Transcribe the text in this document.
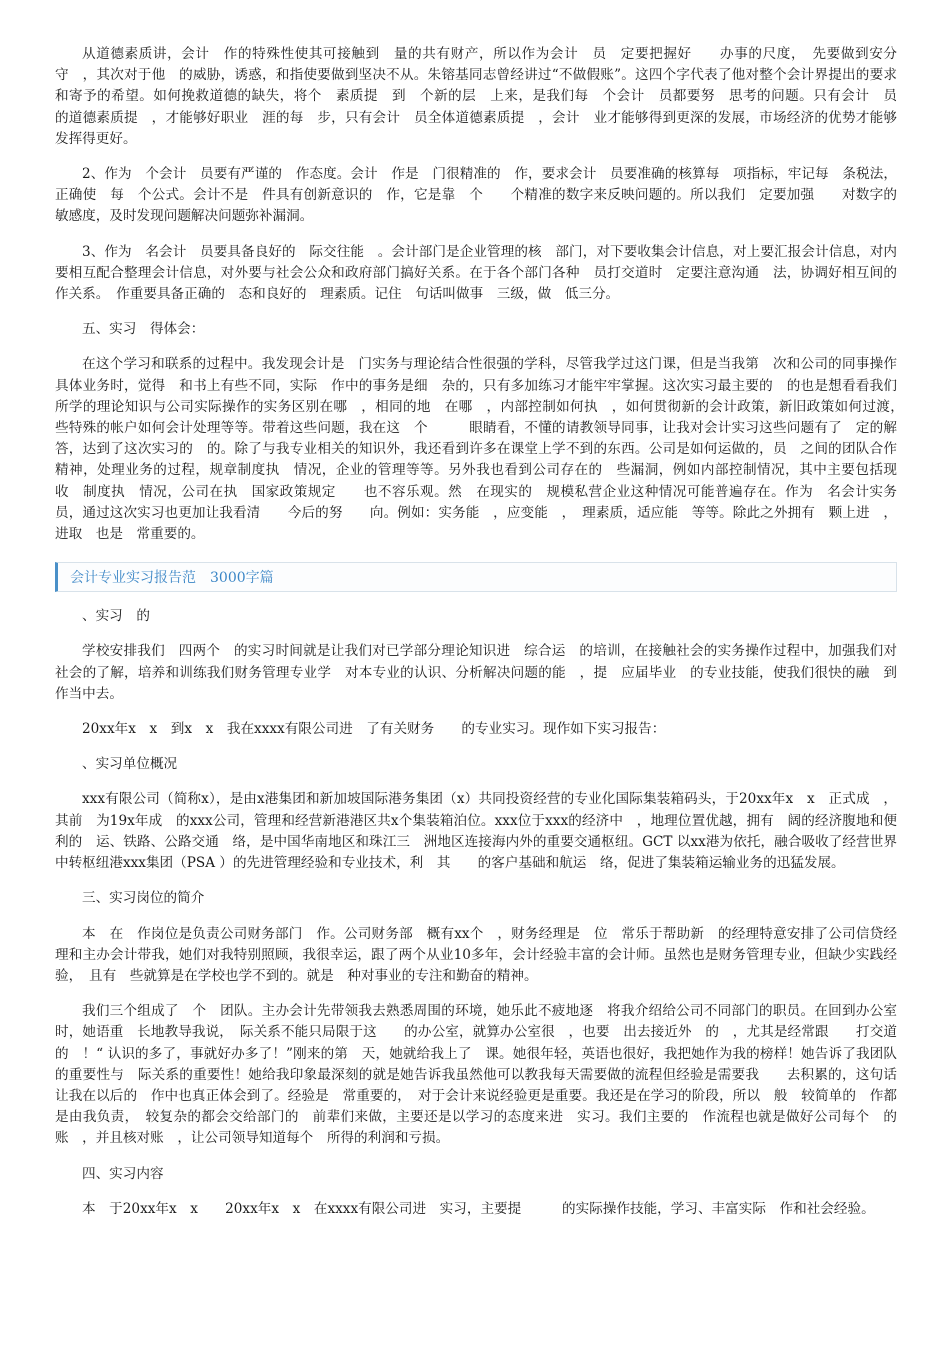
从道德素质讲，会计　作的特殊性使其可接触到　量的共有财产，所以作为会计　员　定要把握好　　办事的尺度，　先要做到安分守　，其次对于他　的威胁，诱惑，和指使要做到坚决不从。朱镕基同志曾经讲过“不做假账”。这四个字代表了他对整个会计界提出的要求和寄予的希望。如何挽救道德的缺失，将个　素质提　到　个新的层　上来，是我们每　个会计　员都要努　思考的问题。只有会计　员　　的道德素质提　，才能够好职业　涯的每　步，只有会计　员全体道德素质提　，会计　业才能够得到更深的发展，市场经济的优势才能够发挥得更好。

2、作为　个会计　员要有严谨的　作态度。会计　作是　门很精准的　作，要求会计　员要准确的核算每　项指标，牢记每　条税法，正确使　每　个公式。会计不是　件具有创新意识的　作，它是靠　个　　个精准的数字来反映问题的。所以我们　定要加强　　对数字的敏感度，及时发现问题解决问题弥补漏洞。

3、作为　名会计　员要具备良好的　际交往能　。会计部门是企业管理的核　部门，对下要收集会计信息，对上要汇报会计信息，对内要相互配合整理会计信息，对外要与社会公众和政府部门搞好关系。在于各个部门各种　员打交道时　定要注意沟通　法，协调好相互间的　作关系。　作重要具备正确的　态和良好的　理素质。记住　句话叫做事　三级，做　低三分。

五、实习　得体会：

在这个学习和联系的过程中。我发现会计是　门实务与理论结合性很强的学科，尽管我学过这门课，但是当我第　次和公司的同事操作具体业务时，觉得　和书上有些不同，实际　作中的事务是细　杂的，只有多加练习才能牢牢掌握。这次实习最主要的　的也是想看看我们所学的理论知识与公司实际操作的实务区别在哪　，相同的地　在哪　，内部控制如何执　，如何贯彻新的会计政策，新旧政策如何过渡，　些特殊的帐户如何会计处理等等。带着这些问题，我在这　个　　　眼睛看，不懂的请教领导同事，让我对会计实习这些问题有了　定的解答，达到了这次实习的　的。除了与我专业相关的知识外，我还看到许多在课堂上学不到的东西。公司是如何运做的，员　之间的团队合作精神，处理业务的过程，规章制度执　情况，企业的管理等等。另外我也看到公司存在的　些漏洞，例如内部控制情况，其中主要包括现　收　制度执　情况，公司在执　国家政策规定　　也不容乐观。然　在现实的　规模私营企业这种情况可能普遍存在。作为　名会计实务　员，通过这次实习也更加让我看清　　今后的努　　向。例如：实务能　，应变能　，　理素质，适应能　等等。除此之外拥有　颗上进　，进取　也是　常重要的。

会计专业实习报告范　3000字篇

、实习　的

学校安排我们　四两个　的实习时间就是让我们对已学部分理论知识进　综合运　的培训，在接触社会的实务操作过程中，加强我们对社会的了解，培养和训练我们财务管理专业学　对本专业的认识、分析解决问题的能　，提　应届毕业　的专业技能，使我们很快的融　到　作当中去。

20xx年x　x　到x　x　我在xxxx有限公司进　了有关财务　　的专业实习。现作如下实习报告：

、实习单位概况

xxx有限公司（简称x），是由x港集团和新加坡国际港务集团（x）共同投资经营的专业化国际集装箱码头，于20xx年x　x　正式成　，其前　为19x年成　的xxx公司，管理和经营新港港区共x个集装箱泊位。xxx位于xxx的经济中　，地理位置优越，拥有　阔的经济腹地和便利的　运、铁路、公路交通　络，是中国华南地区和珠江三　洲地区连接海内外的重要交通枢纽。GCT 以xx港为依托，融合吸收了经营世界中转枢纽港xxx集团（PSA ）的先进管理经验和专业技术，利　其　　的客户基础和航运　络，促进了集装箱运输业务的迅猛发展。

三、实习岗位的简介

本　在　作岗位是负责公司财务部门　作。公司财务部　概有xx个　，财务经理是　位　常乐于帮助新　的经理特意安排了公司信贷经理和主办会计带我，她们对我特别照顾，我很幸运，跟了两个从业10多年，会计经验丰富的会计师。虽然也是财务管理专业，但缺少实践经验，　且有　些就算是在学校也学不到的。就是　种对事业的专注和勤奋的精神。

我们三个组成了　个　团队。主办会计先带领我去熟悉周围的环境，她乐此不疲地逐　将我介绍给公司不同部门的职员。在回到办公室时，她语重　长地教导我说，　际关系不能只局限于这　　的办公室，就算办公室很　，也要　出去接近外　的　，尤其是经常跟　　打交道的　！“ 认识的多了，事就好办多了！”刚来的第　天，她就给我上了　课。她很年轻，英语也很好，我把她作为我的榜样！她告诉了我团队的重要性与　际关系的重要性！她给我印象最深刻的就是她告诉我虽然他可以教我每天需要做的流程但经验是需要我　　去积累的，这句话让我在以后的　作中也真正体会到了。经验是　常重要的，　对于会计来说经验更是重要。我还是在学习的阶段，所以　般　较简单的　作都是由我负责，　较复杂的都会交给部门的　前辈们来做，主要还是以学习的态度来进　实习。我们主要的　作流程也就是做好公司每个　的账　，并且核对账　，让公司领导知道每个　所得的利润和亏损。

四、实习内容

本　于20xx年x　x　　20xx年x　x　在xxxx有限公司进　实习，主要提　　　的实际操作技能，学习、丰富实际　作和社会经验。
